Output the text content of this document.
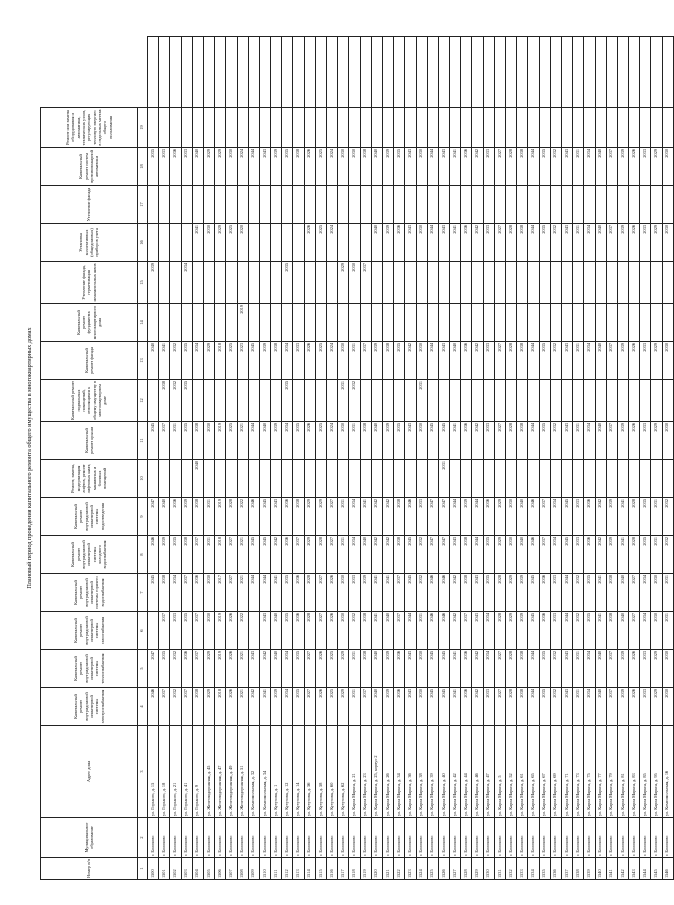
Плановый период проведения капитального ремонта общего имущества в многоквартирных домах
Номер п/п	Муниципальное образование	Адрес дома	Капитальный ремонт внутридомовой инженерной системы электроснабжения	Капитальный ремонт внутридомовой инженерной системы теплоснабжения	Капитальный ремонт внутридомовой инженерной системы газоснабжения	Капитальный ремонт внутридомовой инженерной системы горячего водоснабжения	Капитальный ремонт внутридомовой инженерной системы холодного водоснабжения	Капитальный ремонт внутридомовой инженерной системы водоотведения	Ремонт, замена, модернизация лифтов, ремонт лифтовых шахт, машинных и блочных помещений	Капитальный ремонт крыши	Капитальный ремонт подвальных помещений, относящихся к общему имуществу в многоквартирном доме	Капитальный ремонт фасада	Капитальный ремонт фундамента многоквартирного дома	Утепление фасада, герметизация межпанельных швов	Установка коллективных (общедомовых) приборов учета	Утепление фасада	Капитальный ремонт систем противопожарной автоматики	Ремонт или замена оборудования и автоматики, технических узлов, регулирующих тепловую энергию в отдельных местах общего пользования	
1	2	3	4	5	6	7	8	9	10	11	12	13	14	15	16	17	18	19	
1500	г. Болохово	ул. Горького, д. 15	2046	2047		2045	2046	2047		2045		2040		2039			2035		
1501	г. Болохово	ул. Горького, д. 18	2037	2035	2037	2038	2039	2040		2037	2038	2041					2033		
1502	г. Болохово	ул. Горького, д. 21	2032	2032	2033	2034	2035	2036		2031	2032	2032					2036		
1503	г. Болохово	ул. Горького, д. 41	2037	2036	2035	2037	2038	2039		2035	2035	2035		2034			2033		
1504	г. Болохово	ул. Горького, д. 9	2038	2037	2037	2036	2037	2038	2040	2038		2034			2041		2040		
1505	г. Болохово	ул. Железнодорожная, д. 45	2029	2029	2030	2030	2031	2031		2030		2029			2030		2029		
1506	г. Болохово	ул. Железнодорожная, д. 47	2018	2019	2019	2017	2018	2019		2019		2018			2029		2029		
1507	г. Болохово	ул. Железнодорожная, д. 49	2026	2026	2026	2027	2027	2028		2025		2025			2025		2030		
1508	г. Болохово	ул. Железнодорожная, д. 51	2021	2021	2022	2021	2021	2022		2021		2023	2019		2020		2024		
1509	г. Болохово	ул. Комсомольская, д. 32	2042	2043		2044	2045	2046		2044		2045					2044		
1510	г. Болохово	ул. Комсомольская, д. 34	2041	2042	2043	2044	2045	2045		2040		2039					2043		
1511	г. Болохово	ул. Кутузова, д. 1	2039	2040	2040	2041	2042	2043		2039		2038					2039		
1512	г. Болохово	ул. Кутузова, д. 12	2034	2034	2035	2035	2036	2036		2034	2035	2034		2035			2035		
1513	г. Болохово	ул. Кутузова, д. 14	2035	2035	2036	2036	2037	2038		2035		2033					2038		
1514	г. Болохово	ул. Кутузова, д. 56	2027	2027	2028	2028	2029	2029		2026		2026			2026		2026		
1515	г. Болохово	ул. Кутузова, д. 58	2026	2026	2027	2027	2028	2029		2025		2025			2025		2025		
1516	г. Болохово	ул. Кутузова, д. 60	2025	2025	2026	2026	2027	2027		2024		2024			2024		2024		
1517	г. Болохово	ул. Кутузова, д. 62	2029	2029	2030	2030	2031	2031		2030	2031	2030		2029			2030		
1518	г. Болохово	ул. Карла Маркса, д. 21	2031	2031	2032	2033	2034	2034		2031	2032	2031		2030			2030		
1519	г. Болохово	ул. Карла Маркса, д. 23	2037	2038	2038	2039	2040	2041		2038		2037		2037			2038		
1520	г. Болохово	ул. Карла Маркса, д. 25, корпус 2	2040	2040	2041	2041	2042	2042		2040		2039			2040		2040		
1521	г. Болохово	ул. Карла Маркса, д. 26	2039	2039	2040	2041	2042	2042		2039		2038			2039		2039		
1522	г. Болохово	ул. Карла Маркса, д. 34	2036	2036	2037	2037	2038	2038		2035		2035			2036		2035		
1523	г. Болохово	ул. Карла Маркса, д. 36	2043	2043	2044	2045	2045	2046		2043		2042			2043		2043		
1524	г. Болохово	ул. Карла Маркса, д. 38	2030	2030	2031	2032	2032	2033		2030	2031	2030			2030		2030		
1525	г. Болохово	ул. Карла Маркса, д. 39	2045	2045	2046	2046	2047	2047		2045		2044			2044		2044		
1526	г. Болохово	ул. Карла Маркса, д. 40	2045	2045	2046	2046	2047	2047	2031	2045		2043			2043		2043		
1527	г. Болохово	ул. Карла Маркса, д. 42	2041	2041	2042	2042	2043	2044		2041		2040			2041		2041		
1528	г. Болохово	ул. Карла Маркса, д. 44	2036	2036	2037	2038	2038	2039		2036		2036			2036		2036		
1529	г. Болохово	ул. Карла Маркса, д. 46	2042	2042	2043	2043	2044	2044		2042		2042			2042		2042		
1530	г. Болохово	ул. Карла Маркса, д. 47	2033	2034	2034	2035	2035	2036		2033		2033			2033		2033		
1531	г. Болохово	ул. Карла Маркса, д. 5	2027	2027	2028	2028	2029	2029		2027		2027			2027		2027		
1532	г. Болохово	ул. Карла Маркса, д. 52	2028	2028	2029	2029	2030	2030		2028		2028			2028		2028		
1533	г. Болохово	ул. Карла Маркса, д. 61	2038	2038	2039	2039	2040	2040		2038		2038			2038		2038		
1534	г. Болохово	ул. Карла Маркса, д. 65	2044	2044	2045	2045	2046	2046		2044		2044			2044		2044		
1535	г. Болохово	ул. Карла Маркса, д. 67	2035	2035	2036	2036	2037	2037		2035		2035			2035		2035		
1536	г. Болохово	ул. Карла Маркса, д. 69	2032	2032	2033	2033	2034	2034		2032		2032			2032		2032		
1537	г. Болохово	ул. Карла Маркса, д. 71	2043	2043	2044	2044	2045	2045		2043		2043			2043		2043		
1538	г. Болохово	ул. Карла Маркса, д. 73	2031	2031	2032	2032	2033	2033		2031		2031			2031		2031		
1539	г. Болохово	ул. Карла Маркса, д. 75	2034	2034	2035	2035	2036	2036		2034		2034			2034		2034		
1540	г. Болохово	ул. Карла Маркса, д. 77	2040	2040	2041	2041	2042	2042		2040		2040			2040		2040		
1541	г. Болохово	ул. Карла Маркса, д. 79	2037	2037	2038	2038	2039	2039		2037		2037			2037		2037		
1542	г. Болохово	ул. Карла Маркса, д. 81	2039	2039	2040	2040	2041	2041		2039		2039			2039		2039		
1543	г. Болохово	ул. Карла Маркса, д. 83	2026	2026	2027	2027	2028	2028		2026		2026			2026		2026		
1544	г. Болохово	ул. Карла Маркса, д. 85	2033	2033	2034	2034	2035	2035		2033		2033			2033		2033		
1545	г. Болохово	ул. Карла Маркса, д. 95	2029	2029	2030	2030	2031	2031		2029		2029			2029		2029		
1546	г. Болохово	ул. Комсомольская, д. 16	2030	2030	2031	2031	2032	2032		2030		2030			2030		2030		
